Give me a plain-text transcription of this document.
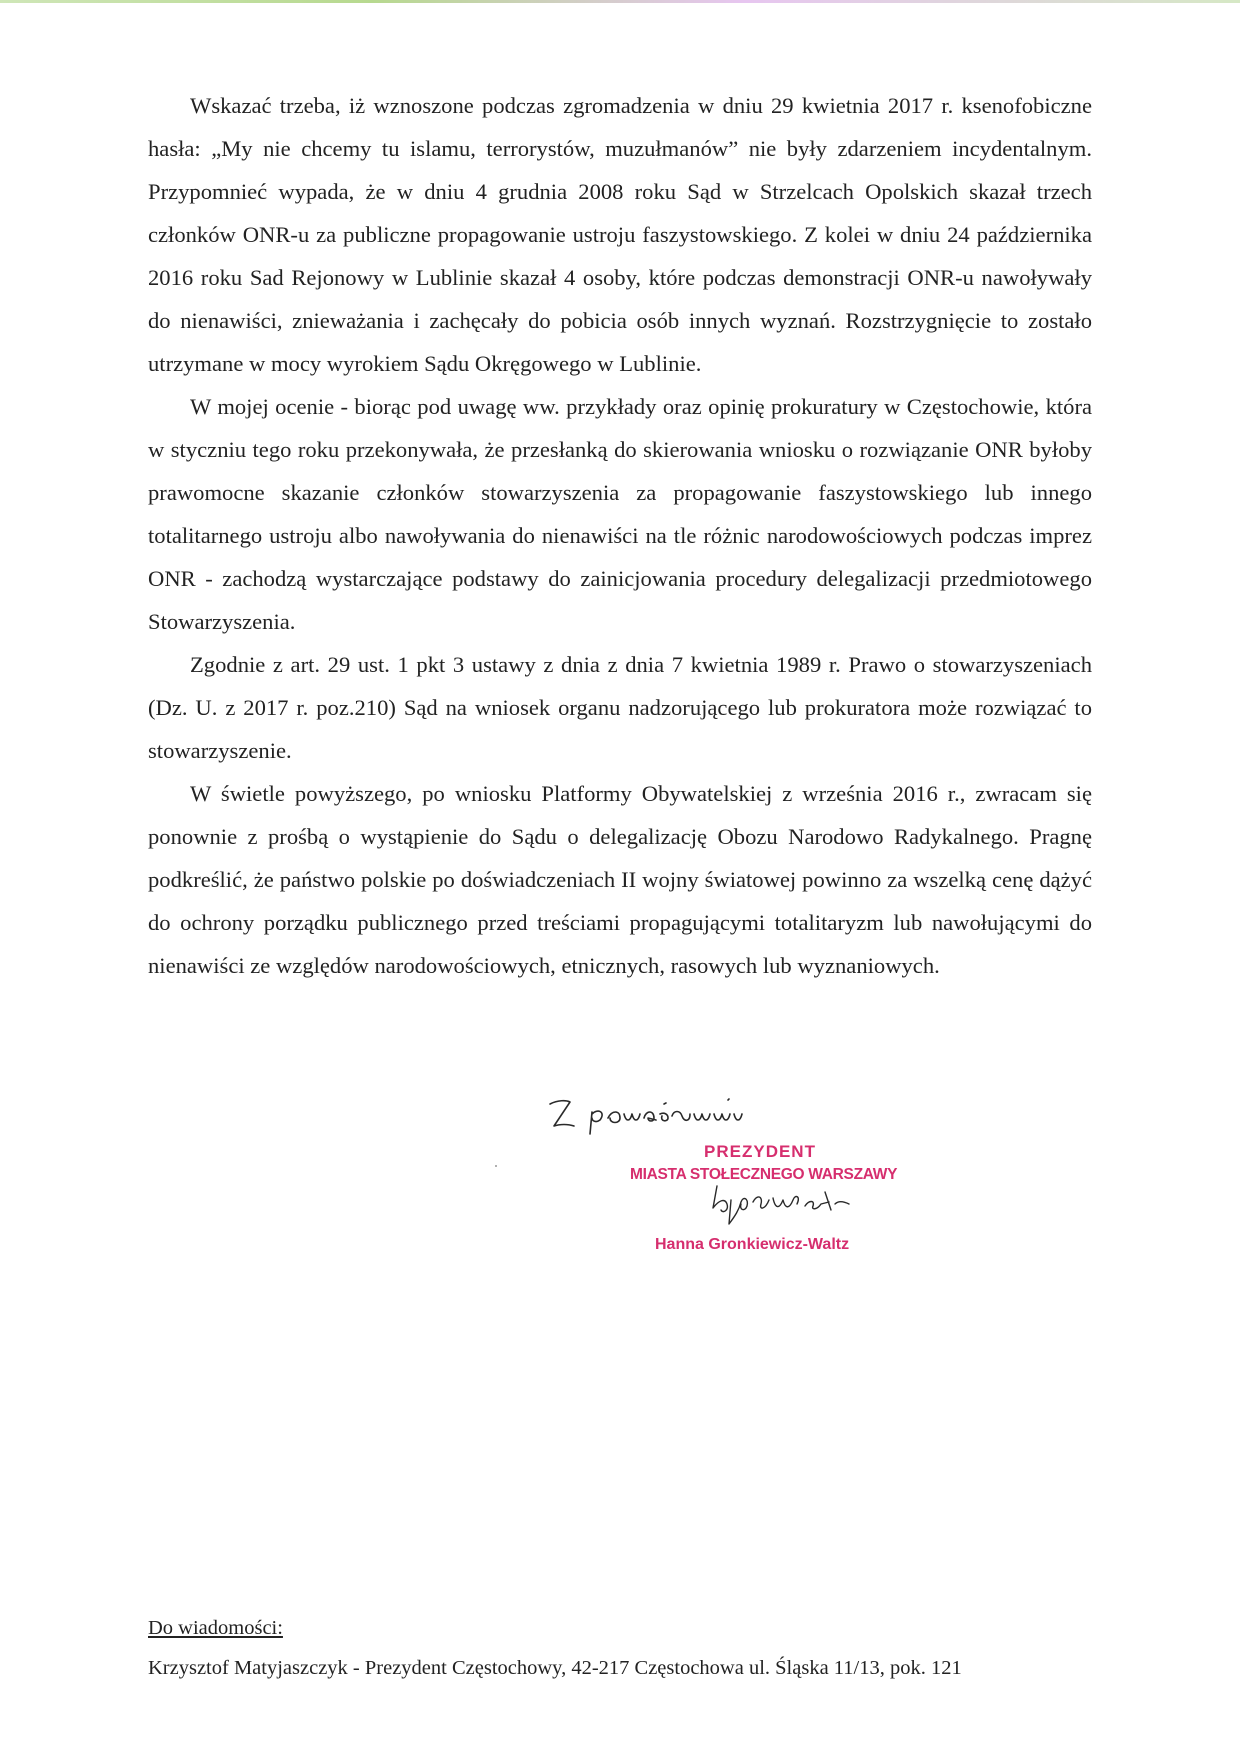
Wskazać trzeba, iż wznoszone podczas zgromadzenia w dniu 29 kwietnia 2017 r. ksenofobiczne hasła: „My nie chcemy tu islamu, terrorystów, muzułmanów” nie były zdarzeniem incydentalnym. Przypomnieć wypada, że w dniu 4 grudnia 2008 roku Sąd w Strzelcach Opolskich skazał trzech członków ONR-u za publiczne propagowanie ustroju faszystowskiego. Z kolei w dniu 24 października 2016 roku Sad Rejonowy w Lublinie skazał 4 osoby, które podczas demonstracji ONR-u nawoływały do nienawiści, znieważania i zachęcały do pobicia osób innych wyznań. Rozstrzygnięcie to zostało utrzymane w mocy wyrokiem Sądu Okręgowego w Lublinie.

W mojej ocenie - biorąc pod uwagę ww. przykłady oraz opinię prokuratury w Częstochowie, która w styczniu tego roku przekonywała, że przesłanką do skierowania wniosku o rozwiązanie ONR byłoby prawomocne skazanie członków stowarzyszenia za propagowanie faszystowskiego lub innego totalitarnego ustroju albo nawoływania do nienawiści na tle różnic narodowościowych podczas imprez ONR - zachodzą wystarczające podstawy do zainicjowania procedury delegalizacji przedmiotowego Stowarzyszenia.

Zgodnie z art. 29 ust. 1 pkt 3 ustawy z dnia z dnia 7 kwietnia 1989 r. Prawo o stowarzyszeniach (Dz. U. z 2017 r. poz.210) Sąd na wniosek organu nadzorującego lub prokuratora może rozwiązać to stowarzyszenie.

W świetle powyższego, po wniosku Platformy Obywatelskiej z września 2016 r., zwracam się ponownie z prośbą o wystąpienie do Sądu o delegalizację Obozu Narodowo Radykalnego. Pragnę podkreślić, że państwo polskie po doświadczeniach II wojny światowej powinno za wszelką cenę dążyć do ochrony porządku publicznego przed treściami propagującymi totalitaryzm lub nawołującymi do nienawiści ze względów narodowościowych, etnicznych, rasowych lub wyznaniowych.

PREZYDENT
MIASTA STOŁECZNEGO WARSZAWY
Hanna Gronkiewicz-Waltz
Do wiadomości:
Krzysztof Matyjaszczyk - Prezydent Częstochowy, 42-217 Częstochowa ul. Śląska 11/13, pok. 121
